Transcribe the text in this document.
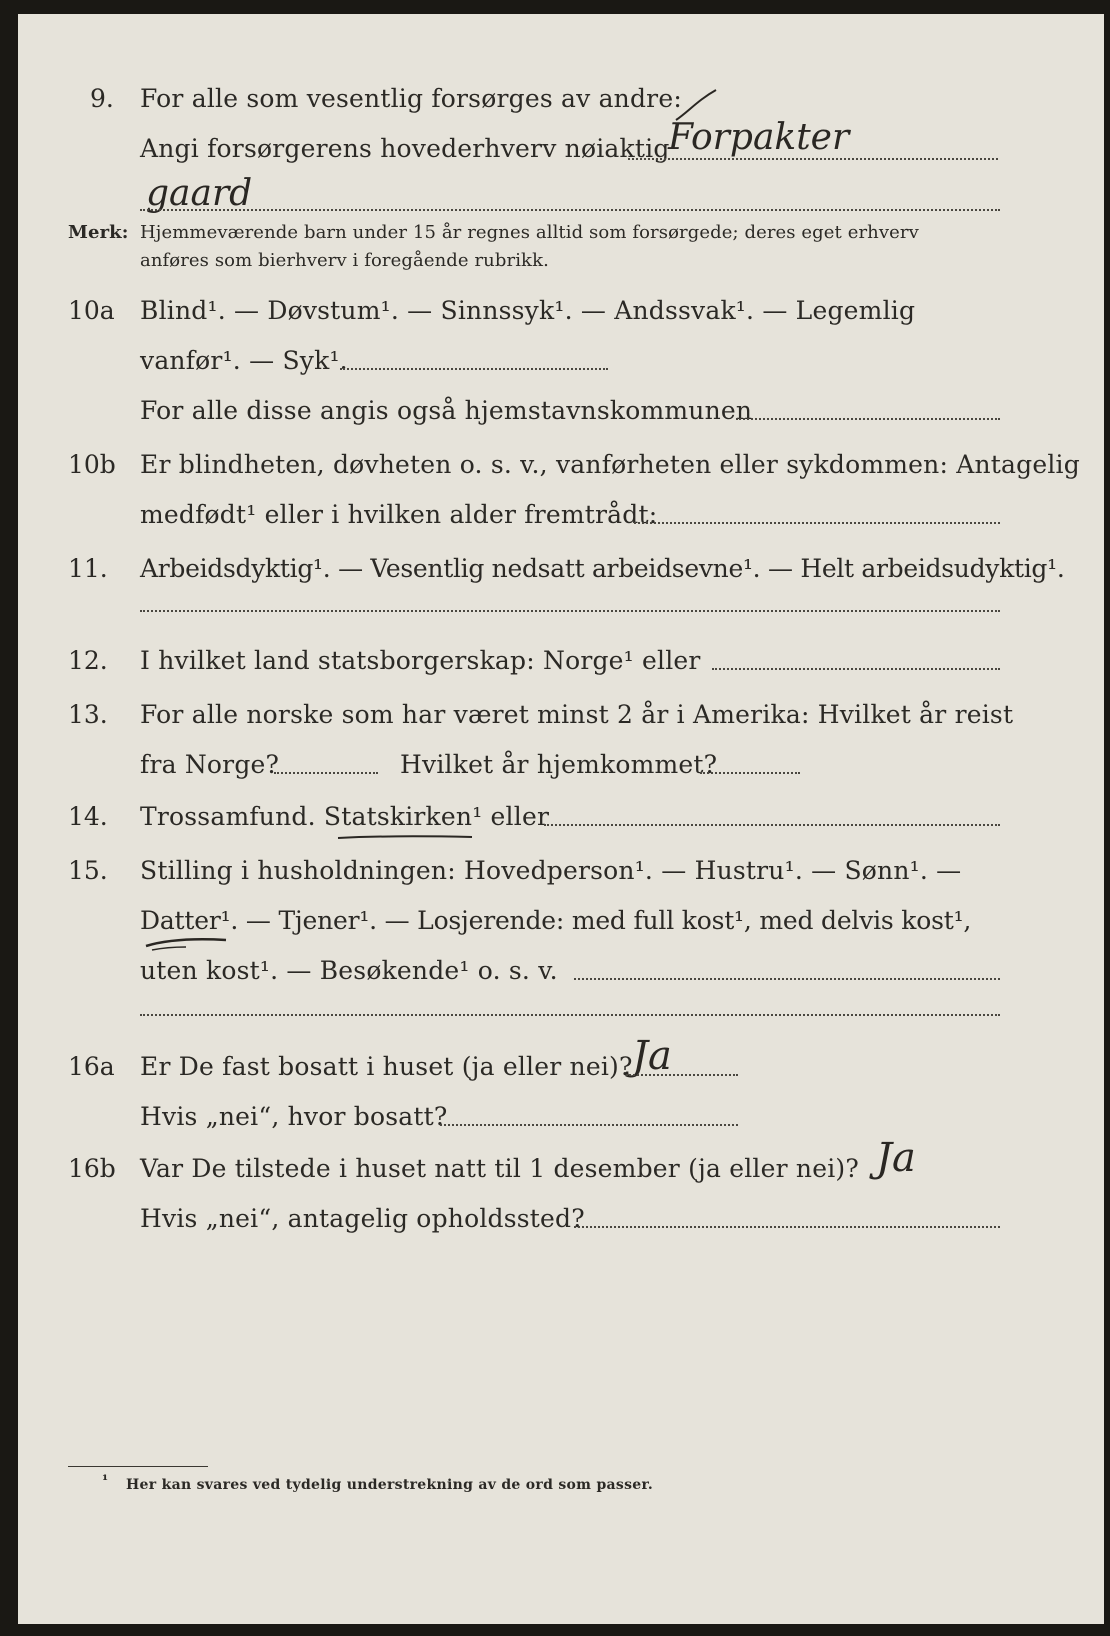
9. For alle som vesentlig forsørges av andre:
Angi forsørgerens hovederhverv nøiaktig
Forpakter
gaard
Merk: Hjemmeværende barn under 15 år regnes alltid som forsørgede; deres eget erhverv
anføres som bierhverv i foregående rubrikk.
10a Blind¹. — Døvstum¹. — Sinnssyk¹. — Andssvak¹. — Legemlig
vanfør¹. — Syk¹.
For alle disse angis også hjemstavnskommunen
10b Er blindheten, døvheten o. s. v., vanførheten eller sykdommen: Antagelig
medfødt¹ eller i hvilken alder fremtrådt:
11. Arbeidsdyktig¹. — Vesentlig nedsatt arbeidsevne¹. — Helt arbeidsudyktig¹.
12. I hvilket land statsborgerskap: Norge¹ eller
13. For alle norske som har været minst 2 år i Amerika: Hvilket år reist
fra Norge?	Hvilket år hjemkommet?
14. Trossamfund. Statskirken¹ eller
15. Stilling i husholdningen: Hovedperson¹. — Hustru¹. — Sønn¹. —
Datter¹. — Tjener¹. — Losjerende: med full kost¹, med delvis kost¹,
uten kost¹. — Besøkende¹ o. s. v.
16a Er De fast bosatt i huset (ja eller nei)? Ja
Hvis „nei“, hvor bosatt?
16b Var De tilstede i huset natt til 1 desember (ja eller nei)? Ja
Hvis „nei“, antagelig opholdssted?
¹ Her kan svares ved tydelig understrekning av de ord som passer.
